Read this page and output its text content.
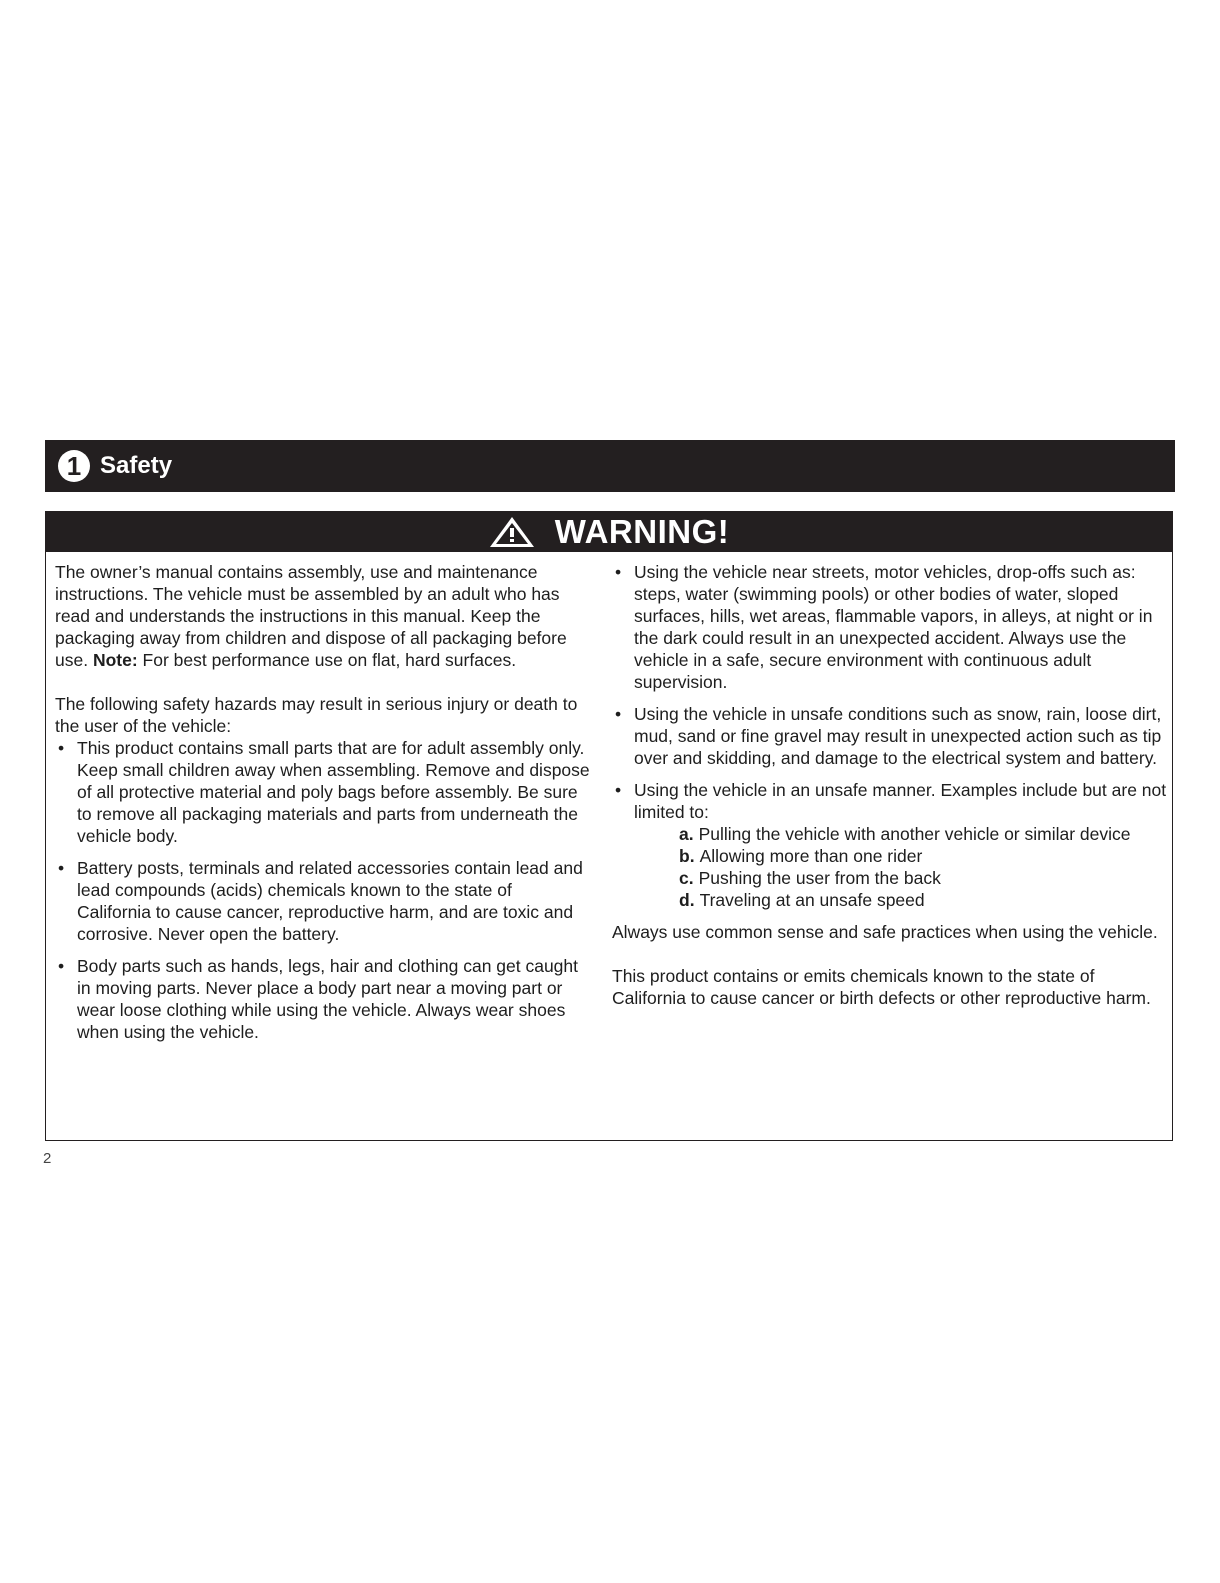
1 Safety
WARNING!

The owner’s manual contains assembly, use and maintenance instructions. The vehicle must be assembled by an adult who has read and understands the instructions in this manual. Keep the packaging away from children and dispose of all packaging before use. Note: For best performance use on flat, hard surfaces.

The following safety hazards may result in serious injury or death to the user of the vehicle:

• This product contains small parts that are for adult assembly only. Keep small children away when assembling. Remove and dispose of all protective material and poly bags before assembly. Be sure to remove all packaging materials and parts from underneath the vehicle body.
• Battery posts, terminals and related accessories contain lead and lead compounds (acids) chemicals known to the state of California to cause cancer, reproductive harm, and are toxic and corrosive. Never open the battery.
• Body parts such as hands, legs, hair and clothing can get caught in moving parts. Never place a body part near a moving part or wear loose clothing while using the vehicle. Always wear shoes when using the vehicle.
• Using the vehicle near streets, motor vehicles, drop-offs such as: steps, water (swimming pools) or other bodies of water, sloped surfaces, hills, wet areas, flammable vapors, in alleys, at night or in the dark could result in an unexpected accident. Always use the vehicle in a safe, secure environment with continuous adult supervision.
• Using the vehicle in unsafe conditions such as snow, rain, loose dirt, mud, sand or fine gravel may result in unexpected action such as tip over and skidding, and damage to the electrical system and battery.
• Using the vehicle in an unsafe manner. Examples include but are not limited to:
a. Pulling the vehicle with another vehicle or similar device
b. Allowing more than one rider
c. Pushing the user from the back
d. Traveling at an unsafe speed

Always use common sense and safe practices when using the vehicle.

This product contains or emits chemicals known to the state of California to cause cancer or birth defects or other reproductive harm.

2
